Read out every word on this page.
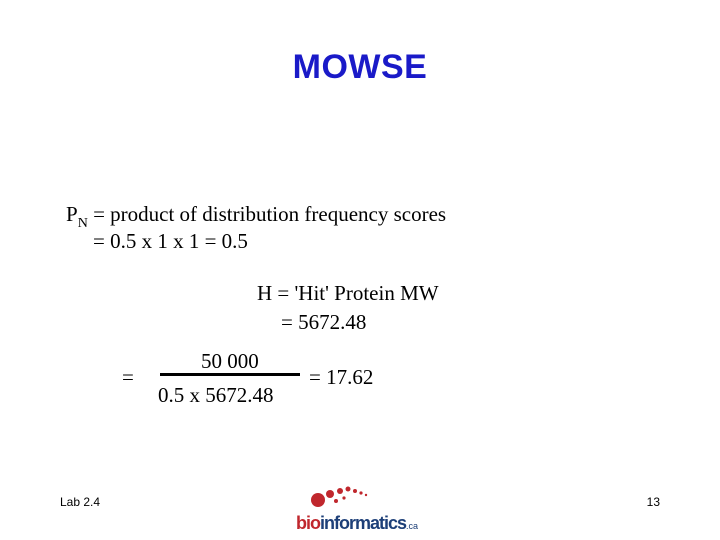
MOWSE
$P_N$ = product of distribution frequency scores
= 0.5 x 1 x 1 = 0.5
H = 'Hit' Protein MW
= 5672.48
=
50 000
0.5 x 5672.48
= 17.62
Lab 2.4	13
bioinformatics.ca
